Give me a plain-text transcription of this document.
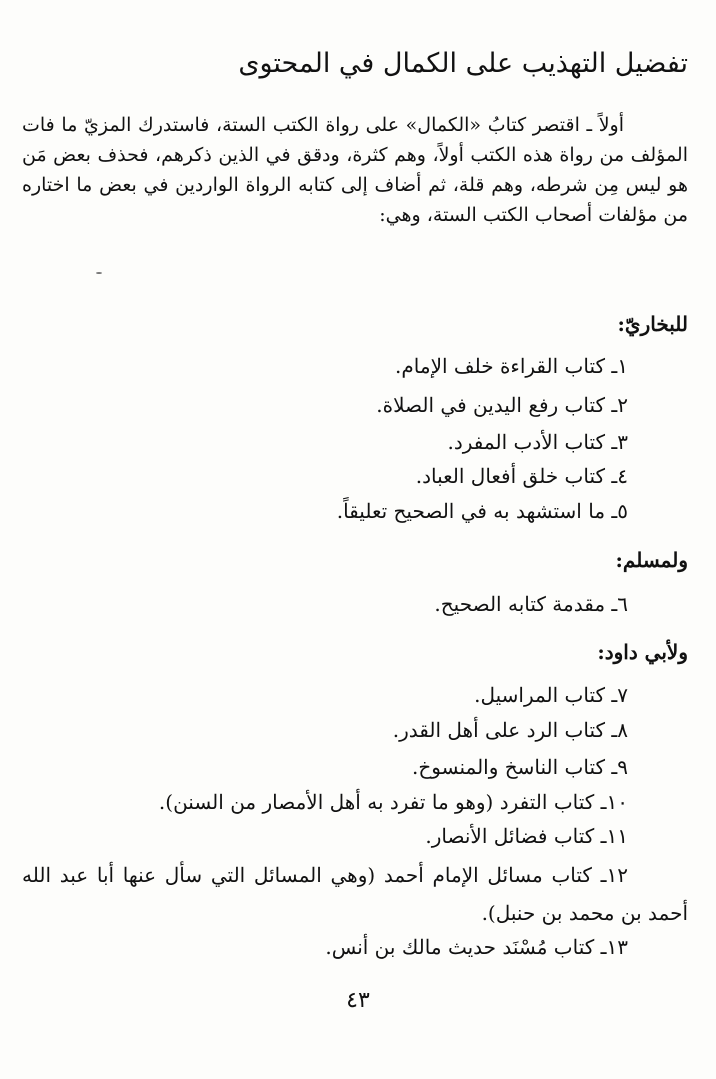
تفضيل التهذيب على الكمال في المحتوى
أولاً ـ اقتصر كتابُ «الكمال» على رواة الكتب الستة، فاستدرك المزيّ ما فات المؤلف من رواة هذه الكتب أولاً، وهم كثرة، ودقق في الذين ذكرهم، فحذف بعض مَن هو ليس مِن شرطه، وهم قلة، ثم أضاف إلى كتابه الرواة الواردين في بعض ما اختاره من مؤلفات أصحاب الكتب الستة، وهي:
للبخاريّ:
١ـ كتاب القراءة خلف الإمام.
٢ـ كتاب رفع اليدين في الصلاة.
٣ـ كتاب الأدب المفرد.
٤ـ كتاب خلق أفعال العباد.
٥ـ ما استشهد به في الصحيح تعليقاً.
ولمسلم:
٦ـ مقدمة كتابه الصحيح.
ولأبي داود:
٧ـ كتاب المراسيل.
٨ـ كتاب الرد على أهل القدر.
٩ـ كتاب الناسخ والمنسوخ.
١٠ـ كتاب التفرد (وهو ما تفرد به أهل الأمصار من السنن).
١١ـ كتاب فضائل الأنصار.
١٢ـ كتاب مسائل الإمام أحمد (وهي المسائل التي سأل عنها أبا عبد الله أحمد بن محمد بن حنبل).
١٣ـ كتاب مُسْنَد حديث مالك بن أنس.
٤٣
